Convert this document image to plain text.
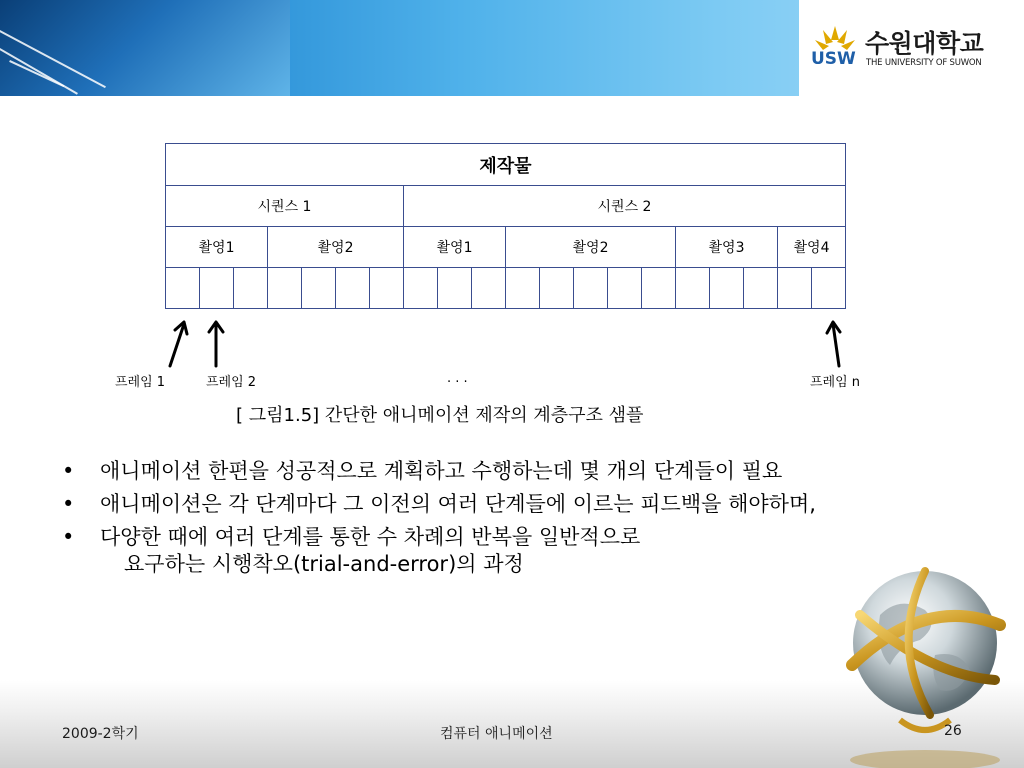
USW
수원대학교
THE UNIVERSITY OF SUWON
제작물																			
시퀀스 1							시퀀스 2												
촬영1			촬영2				촬영1			촬영2					촬영3			촬영4	

프레임 1	프레임 2	. . .	프레임 n
[ 그림1.5] 간단한 애니메이션 제작의 계층구조 샘플
• 애니메이션 한편을 성공적으로 계획하고 수행하는데 몇 개의 단계들이 필요
• 애니메이션은 각 단계마다 그 이전의 여러 단계들에 이르는 피드백을 해야하며,
• 다양한 때에 여러 단계를 통한 수 차례의 반복을 일반적으로
요구하는 시행착오(trial-and-error)의 과정
2009-2학기	컴퓨터 애니메이션	26
